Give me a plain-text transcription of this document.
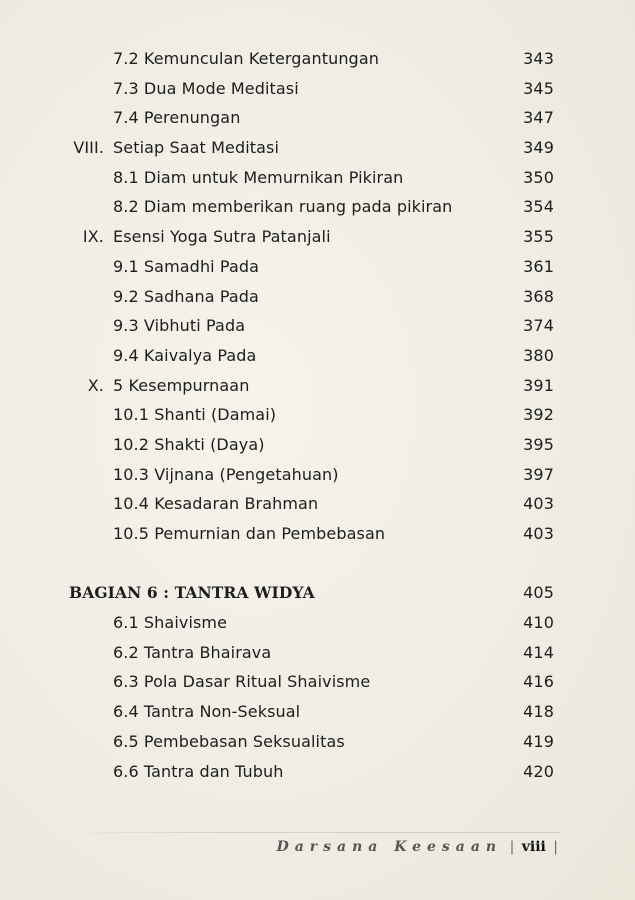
7.2 Kemunculan Ketergantungan	343
7.3 Dua Mode Meditasi	345
7.4 Perenungan	347
VIII. Setiap Saat Meditasi	349
8.1 Diam untuk Memurnikan Pikiran	350
8.2 Diam memberikan ruang pada pikiran	354
IX. Esensi Yoga Sutra Patanjali	355
9.1 Samadhi Pada	361
9.2 Sadhana Pada	368
9.3 Vibhuti Pada	374
9.4 Kaivalya Pada	380
X. 5 Kesempurnaan	391
10.1 Shanti (Damai)	392
10.2 Shakti (Daya)	395
10.3 Vijnana (Pengetahuan)	397
10.4 Kesadaran Brahman	403
10.5 Pemurnian dan Pembebasan	403
BAGIAN 6 : TANTRA WIDYA	405
6.1 Shaivisme	410
6.2 Tantra Bhairava	414
6.3 Pola Dasar Ritual Shaivisme	416
6.4 Tantra Non-Seksual	418
6.5 Pembebasan Seksualitas	419
6.6 Tantra dan Tubuh	420
Darsana Keesaan | viii |
